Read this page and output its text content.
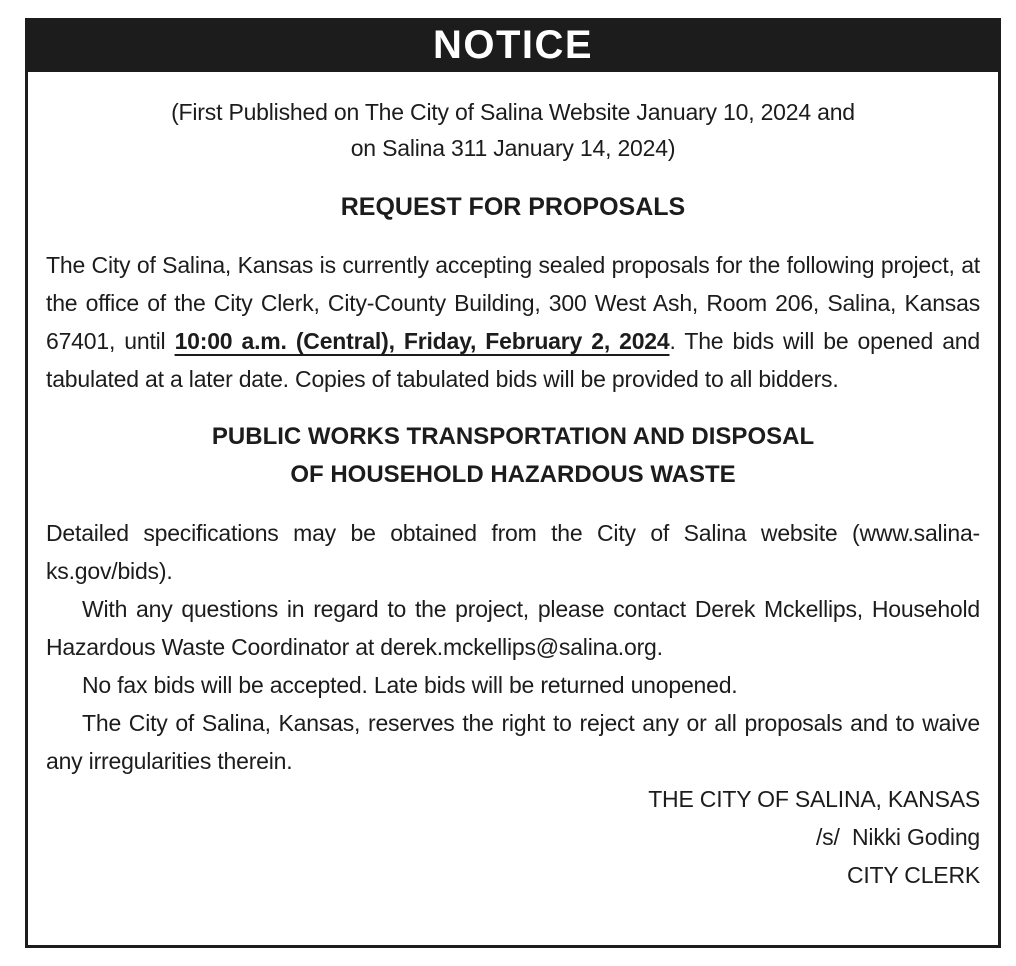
NOTICE

(First Published on The City of Salina Website January 10, 2024 and
on Salina 311 January 14, 2024)

REQUEST FOR PROPOSALS

The City of Salina, Kansas is currently accepting sealed proposals for the following project, at the office of the City Clerk, City-County Building, 300 West Ash, Room 206, Salina, Kansas 67401, until 10:00 a.m. (Central), Friday, February 2, 2024. The bids will be opened and tabulated at a later date. Copies of tabulated bids will be provided to all bidders.

PUBLIC WORKS TRANSPORTATION AND DISPOSAL
OF HOUSEHOLD HAZARDOUS WASTE

Detailed specifications may be obtained from the City of Salina website (www.salina-ks.gov/bids).

With any questions in regard to the project, please contact Derek Mckellips, Household Hazardous Waste Coordinator at derek.mckellips@salina.org.

No fax bids will be accepted. Late bids will be returned unopened.

The City of Salina, Kansas, reserves the right to reject any or all proposals and to waive any irregularities therein.

THE CITY OF SALINA, KANSAS
/s/  Nikki Goding
CITY CLERK
